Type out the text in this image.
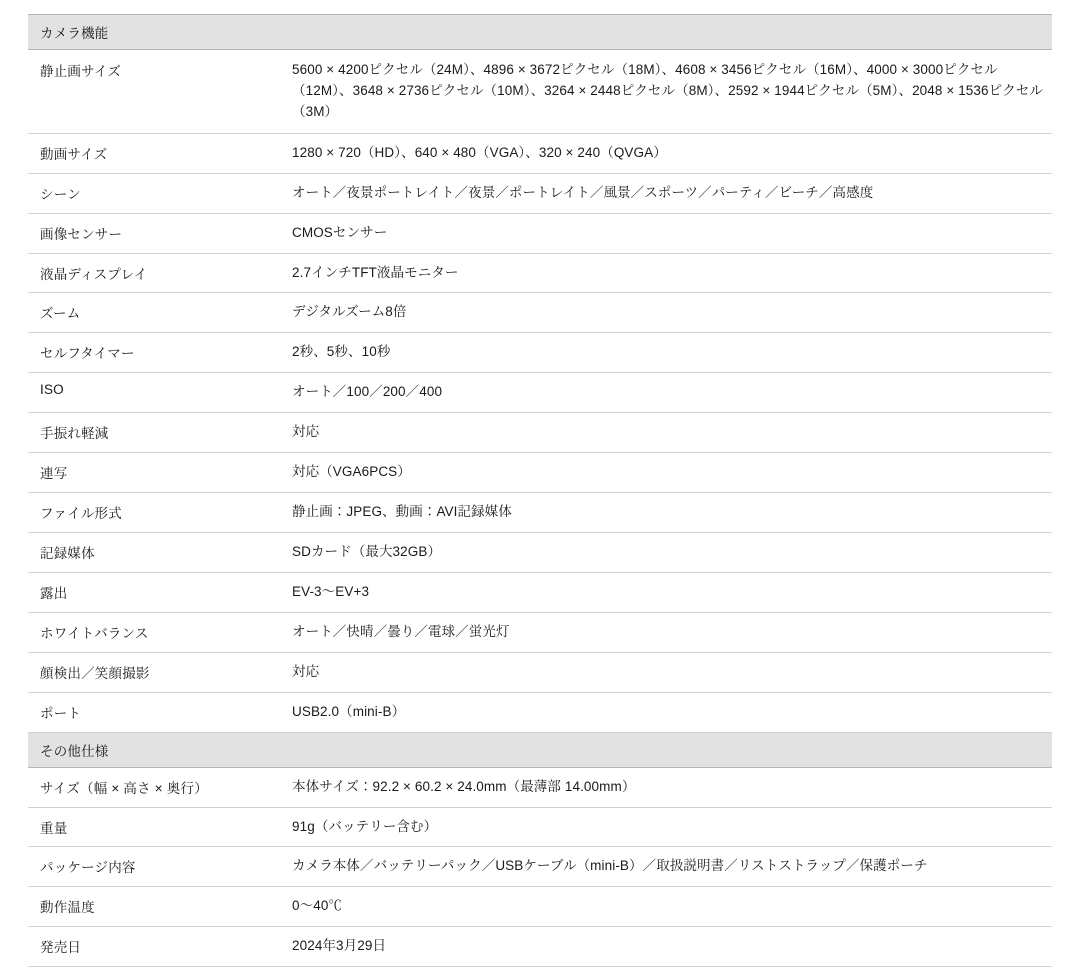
カメラ機能	
静止画サイズ	5600 × 4200ピクセル（24M）、4896 × 3672ピクセル（18M）、4608 × 3456ピクセル（16M）、4000 × 3000ピクセル（12M）、3648 × 2736ピクセル（10M）、3264 × 2448ピクセル（8M）、2592 × 1944ピクセル（5M）、2048 × 1536ピクセル（3M）
動画サイズ	1280 × 720（HD）、640 × 480（VGA）、320 × 240（QVGA）
シーン	オート／夜景ポートレイト／夜景／ポートレイト／風景／スポーツ／パーティ／ビーチ／高感度
画像センサー	CMOSセンサー
液晶ディスプレイ	2.7インチTFT液晶モニター
ズーム	デジタルズーム8倍
セルフタイマー	2秒、5秒、10秒
ISO	オート／100／200／400
手振れ軽減	対応
連写	対応（VGA6PCS）
ファイル形式	静止画：JPEG、動画：AVI記録媒体
記録媒体	SDカード（最大32GB）
露出	EV-3〜EV+3
ホワイトバランス	オート／快晴／曇り／電球／蛍光灯
顔検出／笑顔撮影	対応
ポート	USB2.0（mini-B）
その他仕様	
サイズ（幅 × 高さ × 奥行）	本体サイズ：92.2 × 60.2 × 24.0mm（最薄部 14.00mm）
重量	91g（バッテリー含む）
パッケージ内容	カメラ本体／バッテリーパック／USBケーブル（mini-B）／取扱説明書／リストストラップ／保護ポーチ
動作温度	0〜40℃
発売日	2024年3月29日
